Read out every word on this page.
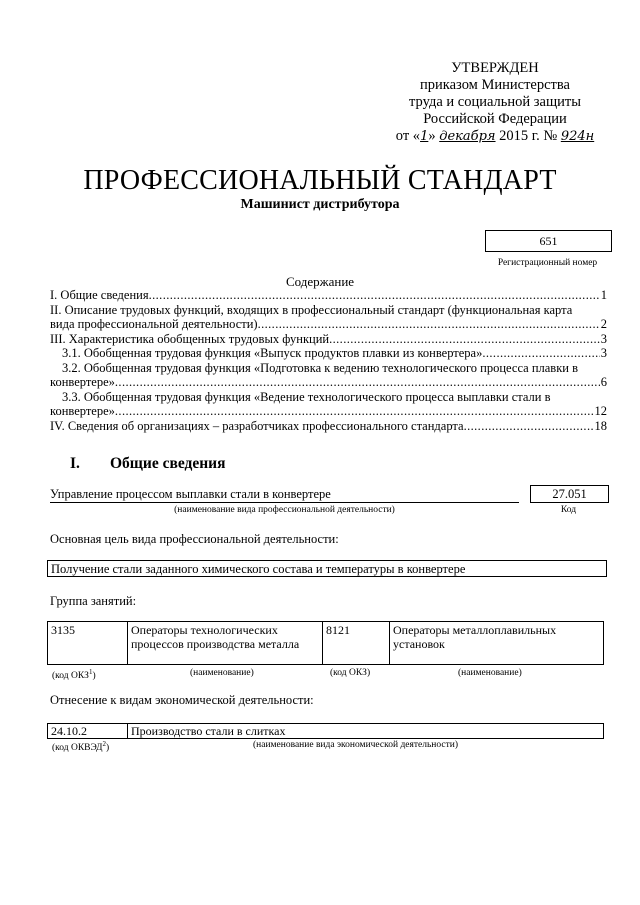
УТВЕРЖДЕН
приказом Министерства
труда и социальной защиты
Российской Федерации
от «1» декабря 2015 г. № 924н
ПРОФЕССИОНАЛЬНЫЙ СТАНДАРТ
Машинист дистрибутора
651
Регистрационный номер
Содержание
I. Общие сведения .....	1
II. Описание трудовых функций, входящих в профессиональный стандарт (функциональная карта
вида профессиональной деятельности) .....	2
III. Характеристика обобщенных трудовых функций .....	3
3.1. Обобщенная трудовая функция «Выпуск продуктов плавки из конвертера» .....	3
3.2. Обобщенная трудовая функция «Подготовка к ведению технологического процесса плавки в
конвертере» .....	6
3.3. Обобщенная трудовая функция «Ведение технологического процесса выплавки стали в
конвертере» .....	12
IV. Сведения об организациях – разработчиках профессионального стандарта .....	18
I. Общие сведения
Управление процессом выплавки стали в конвертере
(наименование вида профессиональной деятельности)
27.051
Код
Основная цель вида профессиональной деятельности:
Получение стали заданного химического состава и температуры в конвертере
Группа занятий:
3135	Операторы технологических процессов производства металла	8121	Операторы металлоплавильных установок
(код ОКЗ$^1$)	(наименование)	(код ОКЗ)	(наименование)
Отнесение к видам экономической деятельности:
24.10.2	Производство стали в слитках
(код ОКВЭД$^2$)	(наименование вида экономической деятельности)
